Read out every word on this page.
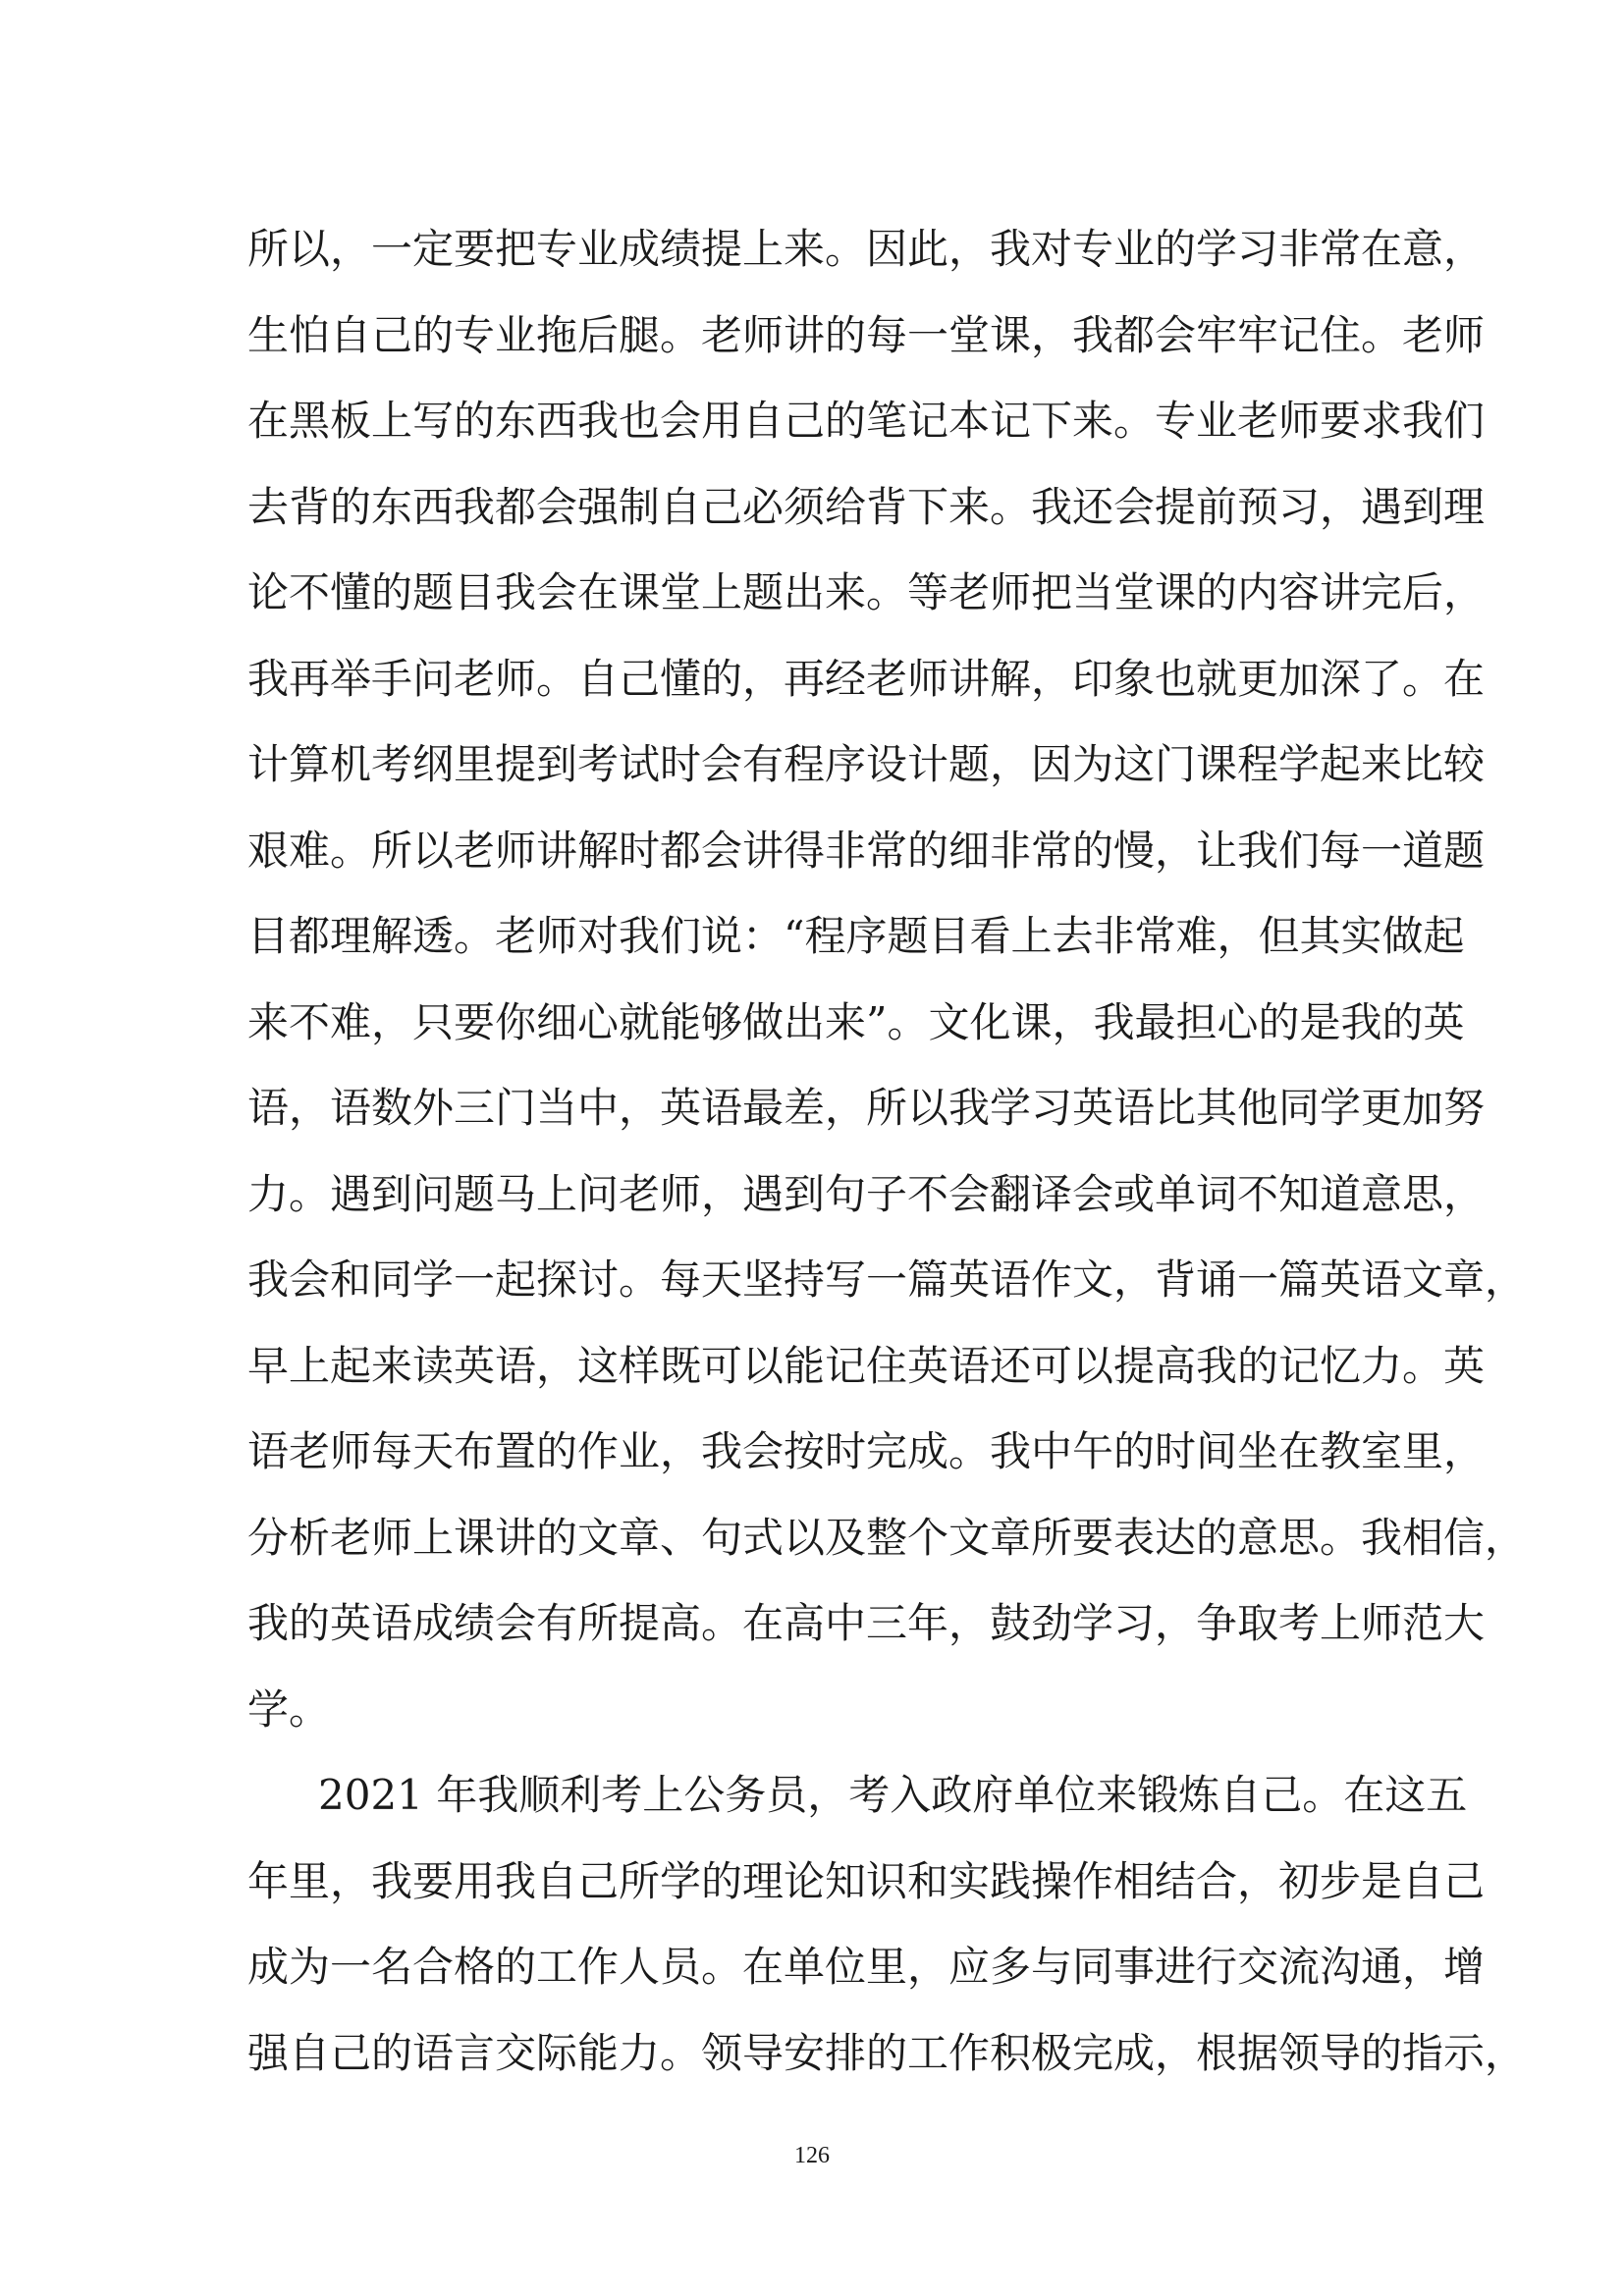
所以，一定要把专业成绩提上来。因此，我对专业的学习非常在意，
生怕自己的专业拖后腿。老师讲的每一堂课，我都会牢牢记住。老师
在黑板上写的东西我也会用自己的笔记本记下来。专业老师要求我们
去背的东西我都会强制自己必须给背下来。我还会提前预习，遇到理
论不懂的题目我会在课堂上题出来。等老师把当堂课的内容讲完后，
我再举手问老师。自己懂的，再经老师讲解，印象也就更加深了。在
计算机考纲里提到考试时会有程序设计题，因为这门课程学起来比较
艰难。所以老师讲解时都会讲得非常的细非常的慢，让我们每一道题
目都理解透。老师对我们说：“程序题目看上去非常难，但其实做起
来不难，只要你细心就能够做出来”。文化课，我最担心的是我的英
语，语数外三门当中，英语最差，所以我学习英语比其他同学更加努
力。遇到问题马上问老师，遇到句子不会翻译会或单词不知道意思，
我会和同学一起探讨。每天坚持写一篇英语作文，背诵一篇英语文章，
早上起来读英语，这样既可以能记住英语还可以提高我的记忆力。英
语老师每天布置的作业，我会按时完成。我中午的时间坐在教室里，
分析老师上课讲的文章、句式以及整个文章所要表达的意思。我相信，
我的英语成绩会有所提高。在高中三年，鼓劲学习，争取考上师范大
学。
2021 年我顺利考上公务员，考入政府单位来锻炼自己。在这五
年里，我要用我自己所学的理论知识和实践操作相结合，初步是自己
成为一名合格的工作人员。在单位里，应多与同事进行交流沟通，增
强自己的语言交际能力。领导安排的工作积极完成，根据领导的指示，
126
